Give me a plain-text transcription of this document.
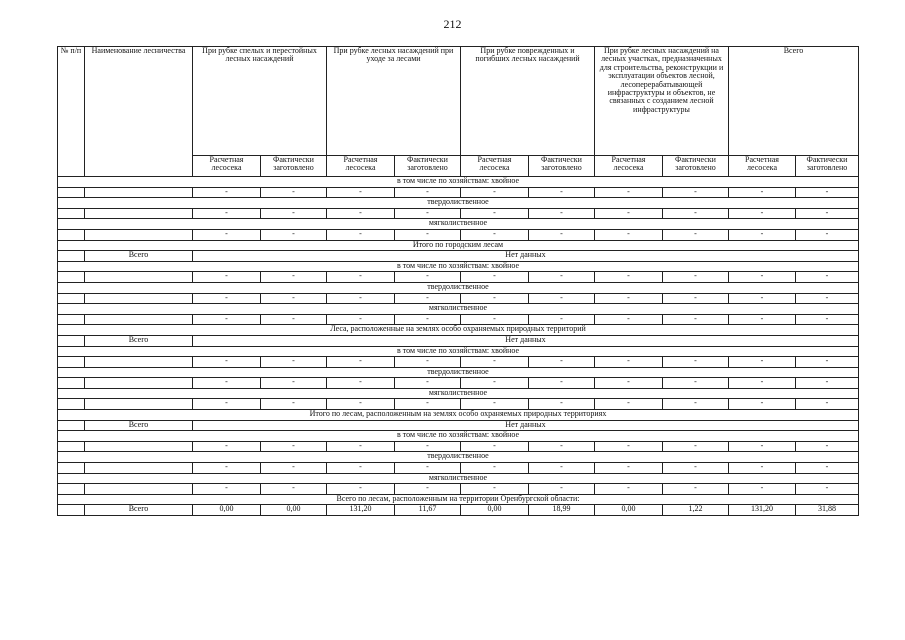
212
№ п/п	Наименование лесничества	При рубке спелых и перестойных лесных насаждений		При рубке лесных насаждений при уходе за лесами		При рубке поврежденных и погибших лесных насаждений		При рубке лесных насаждений на лесных участках, предназначенных для строительства, реконструкции и эксплуатации объектов лесной, лесоперерабатывающей инфраструктуры и объектов, не связанных с созданием лесной инфраструктуры		Всего	
		Расчетная лесосека	Фактически заготовлено	Расчетная лесосека	Фактически заготовлено	Расчетная лесосека	Фактически заготовлено	Расчетная лесосека	Фактически заготовлено	Расчетная лесосека	Фактически заготовлено
в том числе по хозяйствам: хвойное											
		-	-	-	-	-	-	-	-	-	-
твердолиственное											
		-	-	-	-	-	-	-	-	-	-
мягколиственное											
		-	-	-	-	-	-	-	-	-	-
Итого по городским лесам											
	Всего	Нет данных									
в том числе по хозяйствам: хвойное											
		-	-	-	-	-	-	-	-	-	-
твердолиственное											
		-	-	-	-	-	-	-	-	-	-
мягколиственное											
		-	-	-	-	-	-	-	-	-	-
Леса, расположенные на землях особо охраняемых природных территорий											
	Всего	Нет данных									
в том числе по хозяйствам: хвойное											
		-	-	-	-	-	-	-	-	-	-
твердолиственное											
		-	-	-	-	-	-	-	-	-	-
мягколиственное											
		-	-	-	-	-	-	-	-	-	-
Итого по лесам, расположенным на землях особо охраняемых природных территориях											
	Всего	Нет данных									
в том числе по хозяйствам: хвойное											
		-	-	-	-	-	-	-	-	-	-
твердолиственное											
		-	-	-	-	-	-	-	-	-	-
мягколиственное											
		-	-	-	-	-	-	-	-	-	-
Всего по лесам, расположенным на территории Оренбургской области:											
	Всего	0,00	0,00	131,20	11,67	0,00	18,99	0,00	1,22	131,20	31,88
